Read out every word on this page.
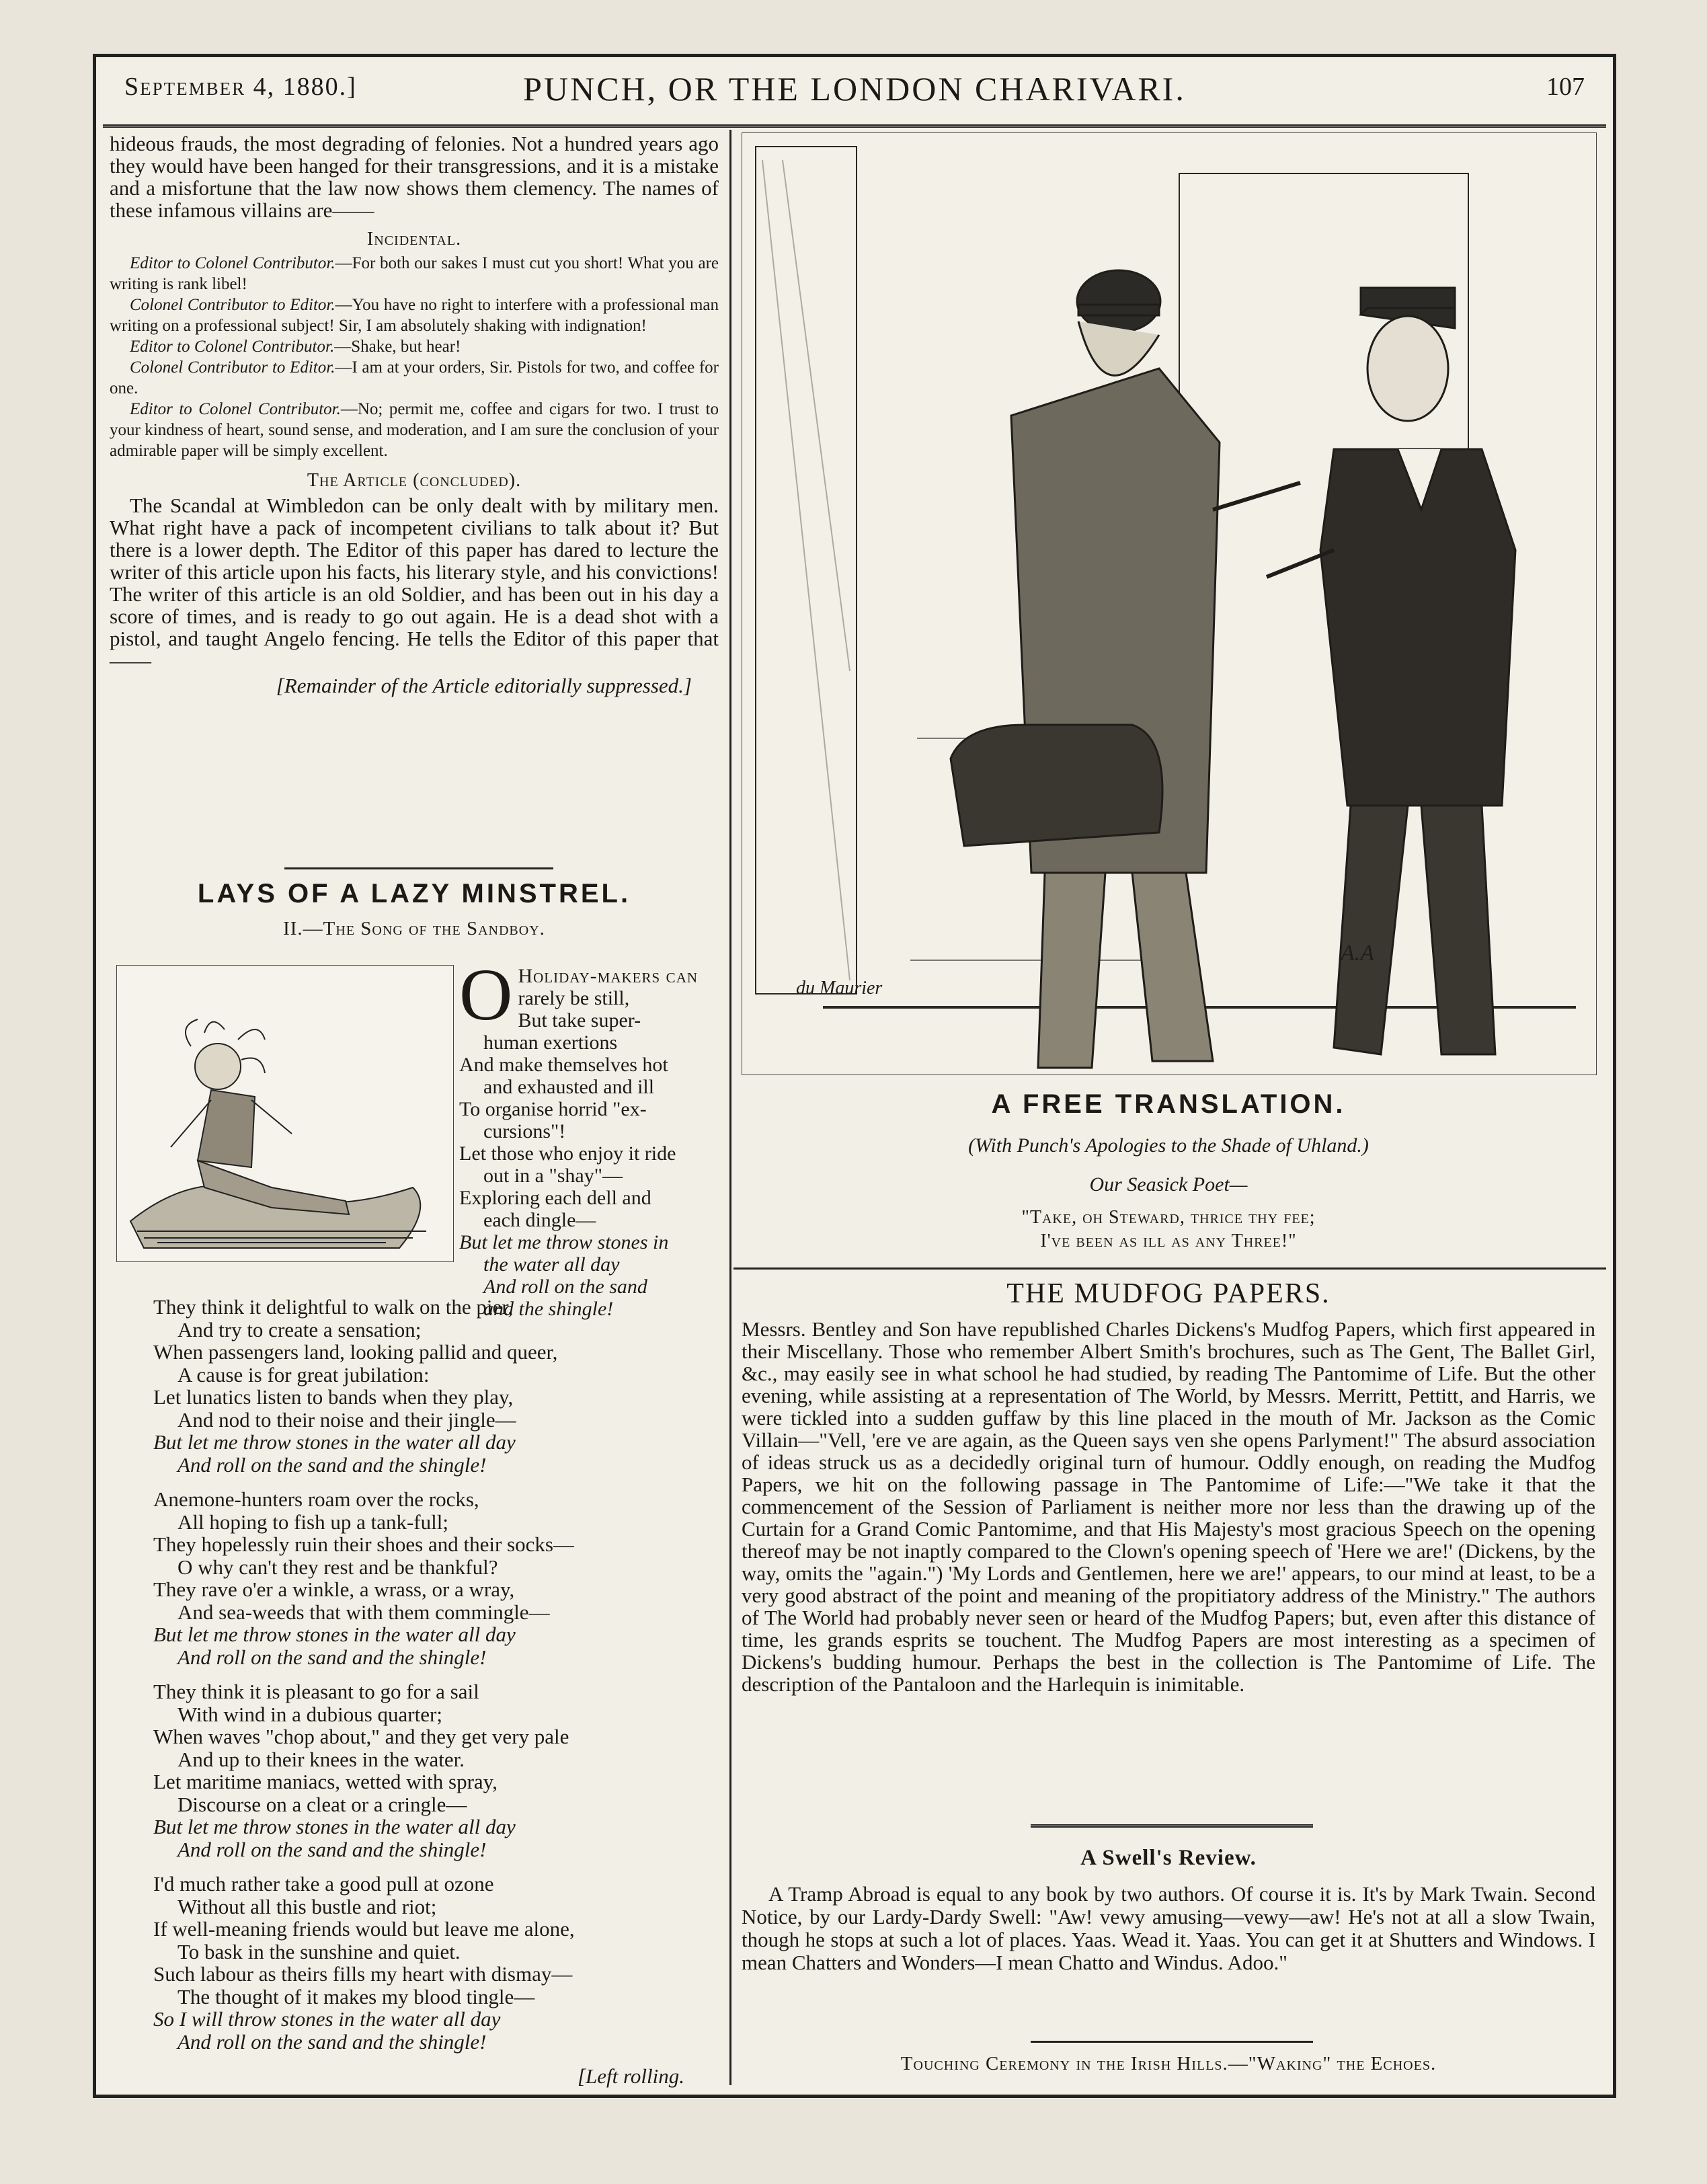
September 4, 1880.]	PUNCH, OR THE LONDON CHARIVARI.	107

hideous frauds, the most degrading of felonies. Not a hundred years ago they would have been hanged for their transgressions, and it is a mistake and a misfortune that the law now shows them clemency. The names of these infamous villains are——

Incidental.

Editor to Colonel Contributor.—For both our sakes I must cut you short! What you are writing is rank libel!

Colonel Contributor to Editor.—You have no right to interfere with a professional man writing on a professional subject! Sir, I am absolutely shaking with indignation!

Editor to Colonel Contributor.—Shake, but hear!

Colonel Contributor to Editor.—I am at your orders, Sir. Pistols for two, and coffee for one.

Editor to Colonel Contributor.—No; permit me, coffee and cigars for two. I trust to your kindness of heart, sound sense, and moderation, and I am sure the conclusion of your admirable paper will be simply excellent.

The Article (concluded).

The Scandal at Wimbledon can be only dealt with by military men. What right have a pack of incompetent civilians to talk about it? But there is a lower depth. The Editor of this paper has dared to lecture the writer of this article upon his facts, his literary style, and his convictions! The writer of this article is an old Soldier, and has been out in his day a score of times, and is ready to go out again. He is a dead shot with a pistol, and taught Angelo fencing. He tells the Editor of this paper that ——

[Remainder of the Article editorially suppressed.]

LAYS OF A LAZY MINSTREL.
II.—The Song of the Sandboy.
O Holiday-makers can

rarely be still,

But take super-

human exertions

And make themselves hot

and exhausted and ill

To organise horrid "ex-

cursions"!

Let those who enjoy it ride

out in a "shay"—

Exploring each dell and

each dingle—

But let me throw stones in

the water all day

And roll on the sand

and the shingle!

They think it delightful to walk on the pier,

And try to create a sensation;

When passengers land, looking pallid and queer,

A cause is for great jubilation:

Let lunatics listen to bands when they play,

And nod to their noise and their jingle—

But let me throw stones in the water all day

And roll on the sand and the shingle!

Anemone-hunters roam over the rocks,

All hoping to fish up a tank-full;

They hopelessly ruin their shoes and their socks—

O why can't they rest and be thankful?

They rave o'er a winkle, a wrass, or a wray,

And sea-weeds that with them commingle—

But let me throw stones in the water all day

And roll on the sand and the shingle!

They think it is pleasant to go for a sail

With wind in a dubious quarter;

When waves "chop about," and they get very pale

And up to their knees in the water.

Let maritime maniacs, wetted with spray,

Discourse on a cleat or a cringle—

But let me throw stones in the water all day

And roll on the sand and the shingle!

I'd much rather take a good pull at ozone

Without all this bustle and riot;

If well-meaning friends would but leave me alone,

To bask in the sunshine and quiet.

Such labour as theirs fills my heart with dismay—

The thought of it makes my blood tingle—

So I will throw stones in the water all day

And roll on the sand and the shingle!

[Left rolling.

du Maurier
A.A
A FREE TRANSLATION.
(With Punch's Apologies to the Shade of Uhland.)
Our Seasick Poet—
"Take, oh Steward, thrice thy fee;
I've been as ill as any Three!"
THE MUDFOG PAPERS.

Messrs. Bentley and Son have republished Charles Dickens's Mudfog Papers, which first appeared in their Miscellany. Those who remember Albert Smith's brochures, such as The Gent, The Ballet Girl, &c., may easily see in what school he had studied, by reading The Pantomime of Life. But the other evening, while assisting at a representation of The World, by Messrs. Merritt, Pettitt, and Harris, we were tickled into a sudden guffaw by this line placed in the mouth of Mr. Jackson as the Comic Villain—"Vell, 'ere ve are again, as the Queen says ven she opens Parlyment!" The absurd association of ideas struck us as a decidedly original turn of humour. Oddly enough, on reading the Mudfog Papers, we hit on the following passage in The Pantomime of Life:—"We take it that the commencement of the Session of Parliament is neither more nor less than the drawing up of the Curtain for a Grand Comic Pantomime, and that His Majesty's most gracious Speech on the opening thereof may be not inaptly compared to the Clown's opening speech of 'Here we are!' (Dickens, by the way, omits the "again.") 'My Lords and Gentlemen, here we are!' appears, to our mind at least, to be a very good abstract of the point and meaning of the propitiatory address of the Ministry." The authors of The World had probably never seen or heard of the Mudfog Papers; but, even after this distance of time, les grands esprits se touchent. The Mudfog Papers are most interesting as a specimen of Dickens's budding humour. Perhaps the best in the collection is The Pantomime of Life. The description of the Pantaloon and the Harlequin is inimitable.

A Swell's Review.

A Tramp Abroad is equal to any book by two authors. Of course it is. It's by Mark Twain. Second Notice, by our Lardy-Dardy Swell: "Aw! vewy amusing—vewy—aw! He's not at all a slow Twain, though he stops at such a lot of places. Yaas. Wead it. Yaas. You can get it at Shutters and Windows. I mean Chatters and Wonders—I mean Chatto and Windus. Adoo."

Touching Ceremony in the Irish Hills.—"Waking" the Echoes.
